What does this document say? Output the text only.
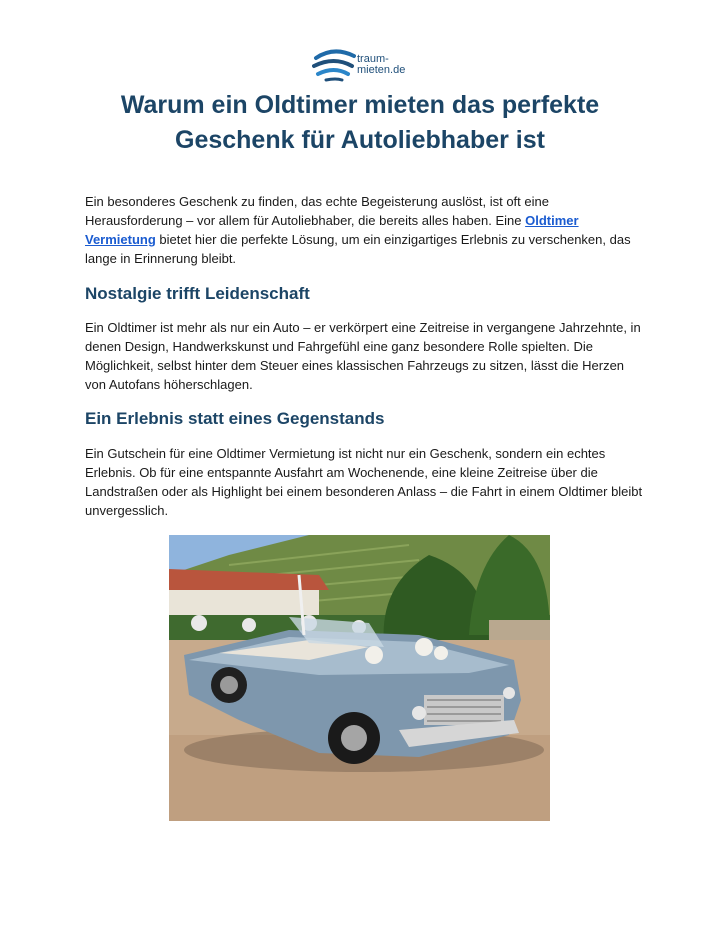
traum-
mieten.de
Warum ein Oldtimer mieten das perfekte Geschenk für Autoliebhaber ist

Ein besonderes Geschenk zu finden, das echte Begeisterung auslöst, ist oft eine Herausforderung – vor allem für Autoliebhaber, die bereits alles haben. Eine Oldtimer Vermietung bietet hier die perfekte Lösung, um ein einzigartiges Erlebnis zu verschenken, das lange in Erinnerung bleibt.

Nostalgie trifft Leidenschaft

Ein Oldtimer ist mehr als nur ein Auto – er verkörpert eine Zeitreise in vergangene Jahrzehnte, in denen Design, Handwerkskunst und Fahrgefühl eine ganz besondere Rolle spielten. Die Möglichkeit, selbst hinter dem Steuer eines klassischen Fahrzeugs zu sitzen, lässt die Herzen von Autofans höherschlagen.

Ein Erlebnis statt eines Gegenstands

Ein Gutschein für eine Oldtimer Vermietung ist nicht nur ein Geschenk, sondern ein echtes Erlebnis. Ob für eine entspannte Ausfahrt am Wochenende, eine kleine Zeitreise über die Landstraßen oder als Highlight bei einem besonderen Anlass – die Fahrt in einem Oldtimer bleibt unvergesslich.
